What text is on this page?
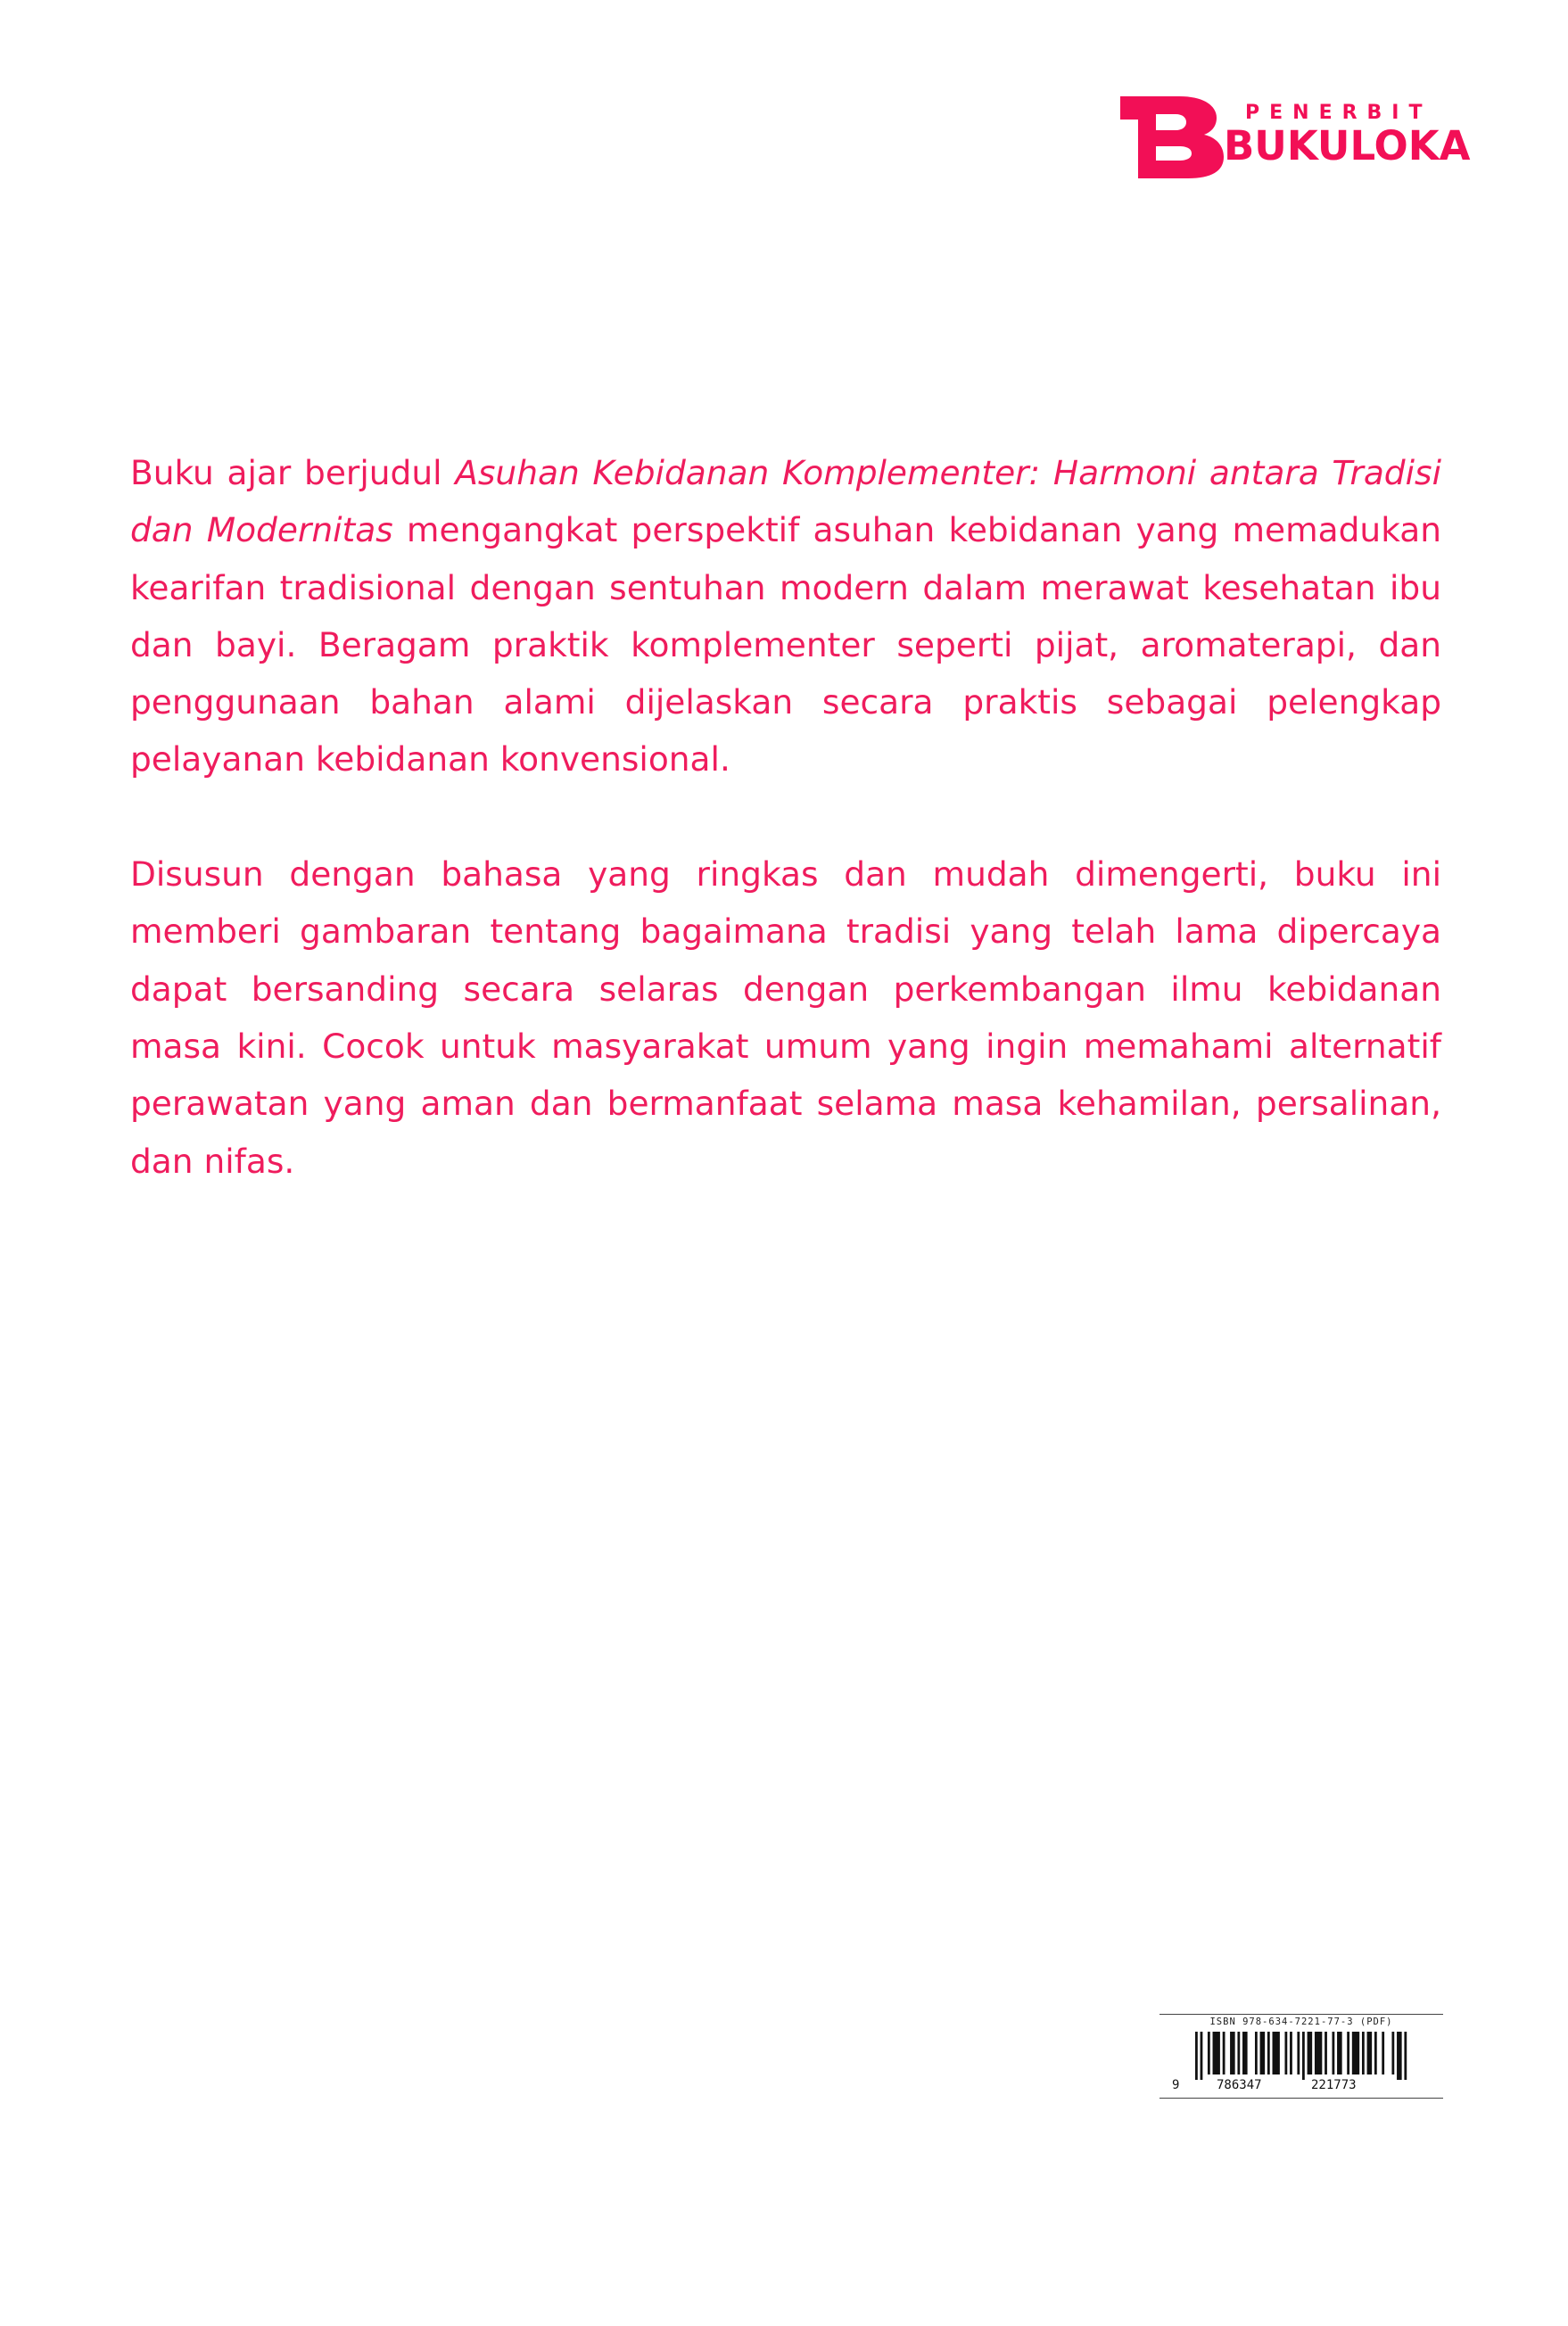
PENERBIT
BUKULOKA

Buku ajar berjudul Asuhan Kebidanan Komplementer: Harmoni antara Tradisi dan Modernitas mengangkat perspektif asuhan kebidanan yang memadukan kearifan tradisional dengan sentuhan modern dalam merawat kesehatan ibu dan bayi. Beragam praktik komplementer seperti pijat, aromaterapi, dan penggunaan bahan alami dijelaskan secara praktis sebagai pelengkap pelayanan kebidanan konvensional.

Disusun dengan bahasa yang ringkas dan mudah dimengerti, buku ini memberi gambaran tentang bagaimana tradisi yang telah lama dipercaya dapat bersanding secara selaras dengan perkembangan ilmu kebidanan masa kini. Cocok untuk masyarakat umum yang ingin memahami alternatif perawatan yang aman dan bermanfaat selama masa kehamilan, persalinan, dan nifas.

ISBN 978-634-7221-77-3 (PDF)
9	786347	221773
